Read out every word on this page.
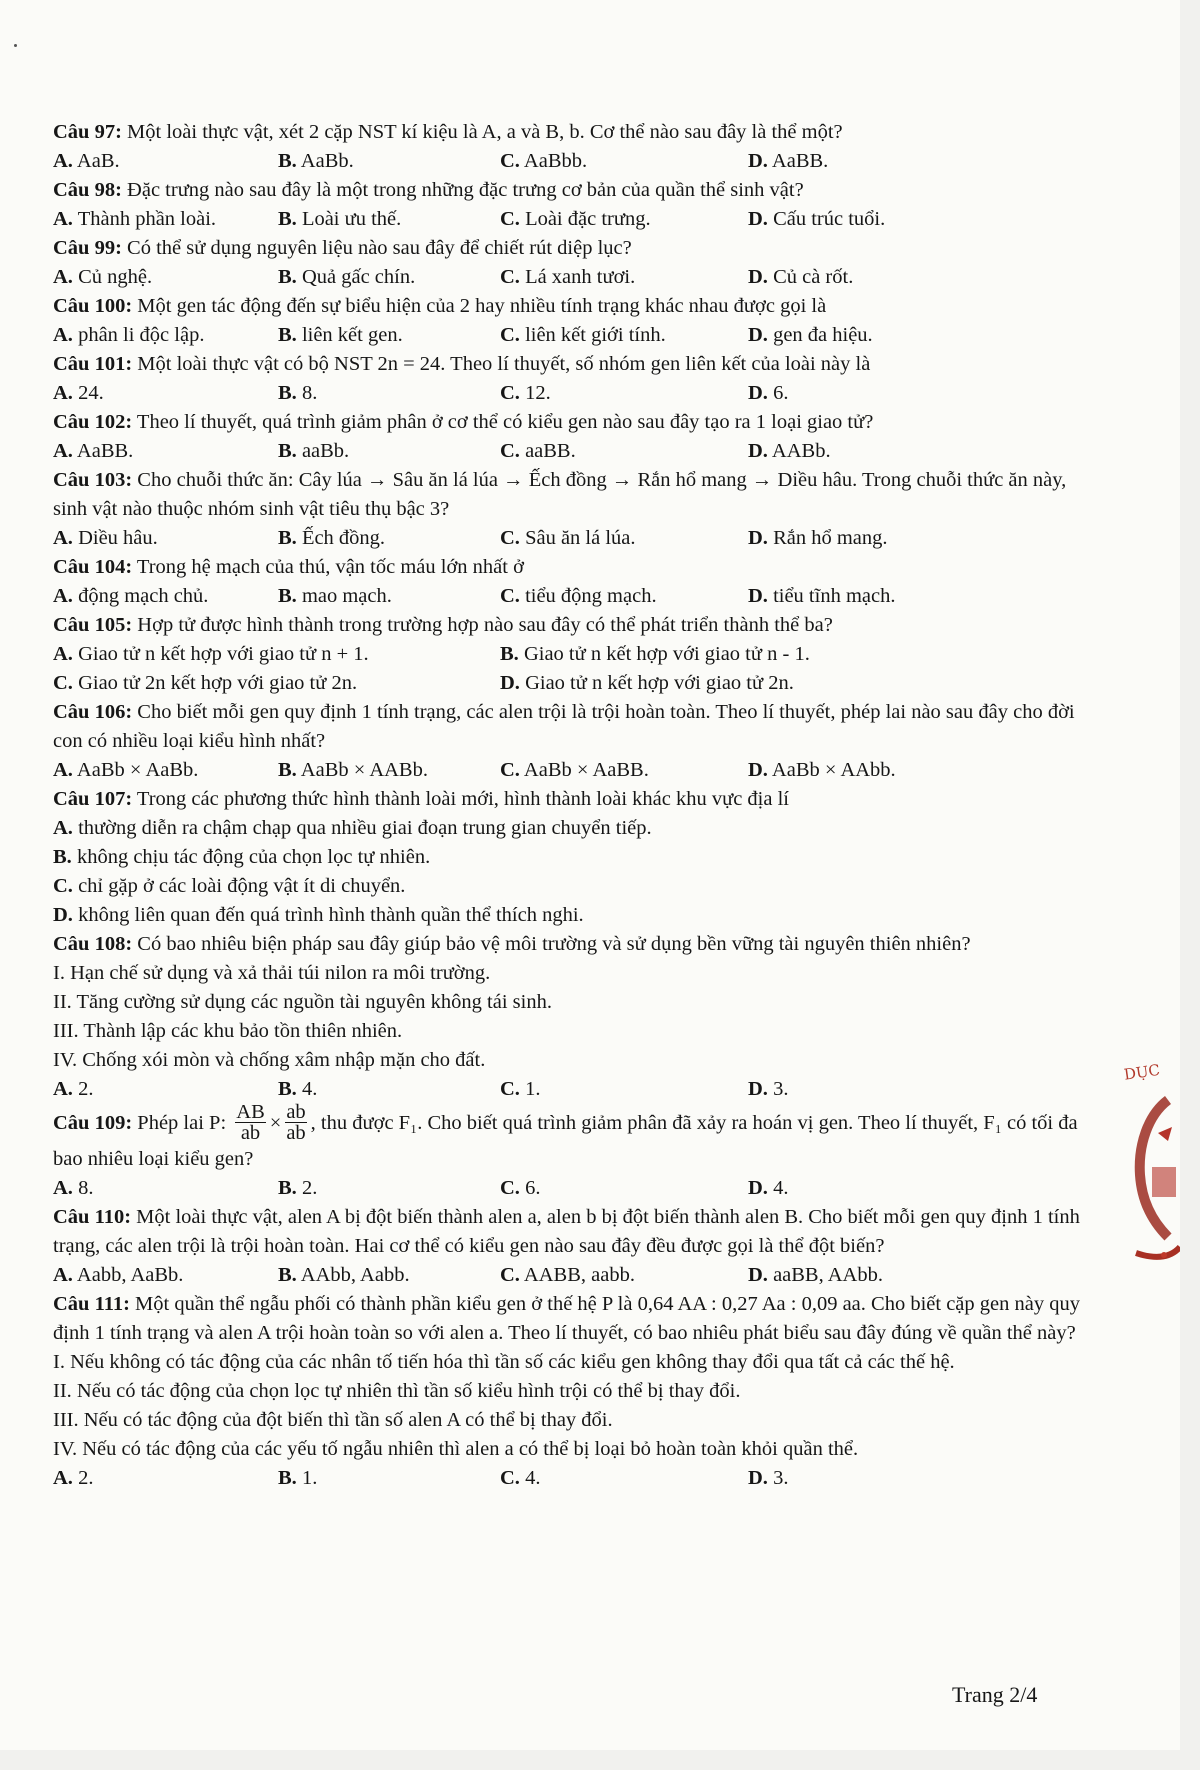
Câu 97: Một loài thực vật, xét 2 cặp NST kí kiệu là A, a và B, b. Cơ thể nào sau đây là thể một?

A. AaB.	B. AaBb.	C. AaBbb.	D. AaBB.

Câu 98: Đặc trưng nào sau đây là một trong những đặc trưng cơ bản của quần thể sinh vật?

A. Thành phần loài.	B. Loài ưu thế.	C. Loài đặc trưng.	D. Cấu trúc tuổi.

Câu 99: Có thể sử dụng nguyên liệu nào sau đây để chiết rút diệp lục?

A. Củ nghệ.	B. Quả gấc chín.	C. Lá xanh tươi.	D. Củ cà rốt.

Câu 100: Một gen tác động đến sự biểu hiện của 2 hay nhiều tính trạng khác nhau được gọi là

A. phân li độc lập.	B. liên kết gen.	C. liên kết giới tính.	D. gen đa hiệu.

Câu 101: Một loài thực vật có bộ NST 2n = 24. Theo lí thuyết, số nhóm gen liên kết của loài này là

A. 24.	B. 8.	C. 12.	D. 6.

Câu 102: Theo lí thuyết, quá trình giảm phân ở cơ thể có kiểu gen nào sau đây tạo ra 1 loại giao tử?

A. AaBB.	B. aaBb.	C. aaBB.	D. AABb.

Câu 103: Cho chuỗi thức ăn: Cây lúa → Sâu ăn lá lúa → Ếch đồng → Rắn hổ mang → Diều hâu. Trong chuỗi thức ăn này, sinh vật nào thuộc nhóm sinh vật tiêu thụ bậc 3?

A. Diều hâu.	B. Ếch đồng.	C. Sâu ăn lá lúa.	D. Rắn hổ mang.

Câu 104: Trong hệ mạch của thú, vận tốc máu lớn nhất ở

A. động mạch chủ.	B. mao mạch.	C. tiểu động mạch.	D. tiểu tĩnh mạch.

Câu 105: Hợp tử được hình thành trong trường hợp nào sau đây có thể phát triển thành thể ba?

A. Giao tử n kết hợp với giao tử n + 1.	B. Giao tử n kết hợp với giao tử n - 1.
C. Giao tử 2n kết hợp với giao tử 2n.	D. Giao tử n kết hợp với giao tử 2n.

Câu 106: Cho biết mỗi gen quy định 1 tính trạng, các alen trội là trội hoàn toàn. Theo lí thuyết, phép lai nào sau đây cho đời con có nhiều loại kiểu hình nhất?

A. AaBb × AaBb.	B. AaBb × AABb.	C. AaBb × AaBB.	D. AaBb × AAbb.

Câu 107: Trong các phương thức hình thành loài mới, hình thành loài khác khu vực địa lí

A. thường diễn ra chậm chạp qua nhiều giai đoạn trung gian chuyển tiếp.
B. không chịu tác động của chọn lọc tự nhiên.
C. chỉ gặp ở các loài động vật ít di chuyển.
D. không liên quan đến quá trình hình thành quần thể thích nghi.

Câu 108: Có bao nhiêu biện pháp sau đây giúp bảo vệ môi trường và sử dụng bền vững tài nguyên thiên nhiên?

I. Hạn chế sử dụng và xả thải túi nilon ra môi trường.
II. Tăng cường sử dụng các nguồn tài nguyên không tái sinh.
III. Thành lập các khu bảo tồn thiên nhiên.
IV. Chống xói mòn và chống xâm nhập mặn cho đất.
A. 2.	B. 4.	C. 1.	D. 3.

Câu 109: Phép lai P: $\frac{AB}{ab} \times \frac{ab}{ab}$ , thu được F₁. Cho biết quá trình giảm phân đã xảy ra hoán vị gen. Theo lí thuyết, F₁ có tối đa bao nhiêu loại kiểu gen?

A. 8.	B. 2.	C. 6.	D. 4.

Câu 110: Một loài thực vật, alen A bị đột biến thành alen a, alen b bị đột biến thành alen B. Cho biết mỗi gen quy định 1 tính trạng, các alen trội là trội hoàn toàn. Hai cơ thể có kiểu gen nào sau đây đều được gọi là thể đột biến?

A. Aabb, AaBb.	B. AAbb, Aabb.	C. AABB, aabb.	D. aaBB, AAbb.

Câu 111: Một quần thể ngẫu phối có thành phần kiểu gen ở thế hệ P là 0,64 AA : 0,27 Aa : 0,09 aa. Cho biết cặp gen này quy định 1 tính trạng và alen A trội hoàn toàn so với alen a. Theo lí thuyết, có bao nhiêu phát biểu sau đây đúng về quần thể này?

I. Nếu không có tác động của các nhân tố tiến hóa thì tần số các kiểu gen không thay đổi qua tất cả các thế hệ.
II. Nếu có tác động của chọn lọc tự nhiên thì tần số kiểu hình trội có thể bị thay đổi.
III. Nếu có tác động của đột biến thì tần số alen A có thể bị thay đổi.
IV. Nếu có tác động của các yếu tố ngẫu nhiên thì alen a có thể bị loại bỏ hoàn toàn khỏi quần thể.
A. 2.	B. 1.	C. 4.	D. 3.
DỤC
Trang 2/4
